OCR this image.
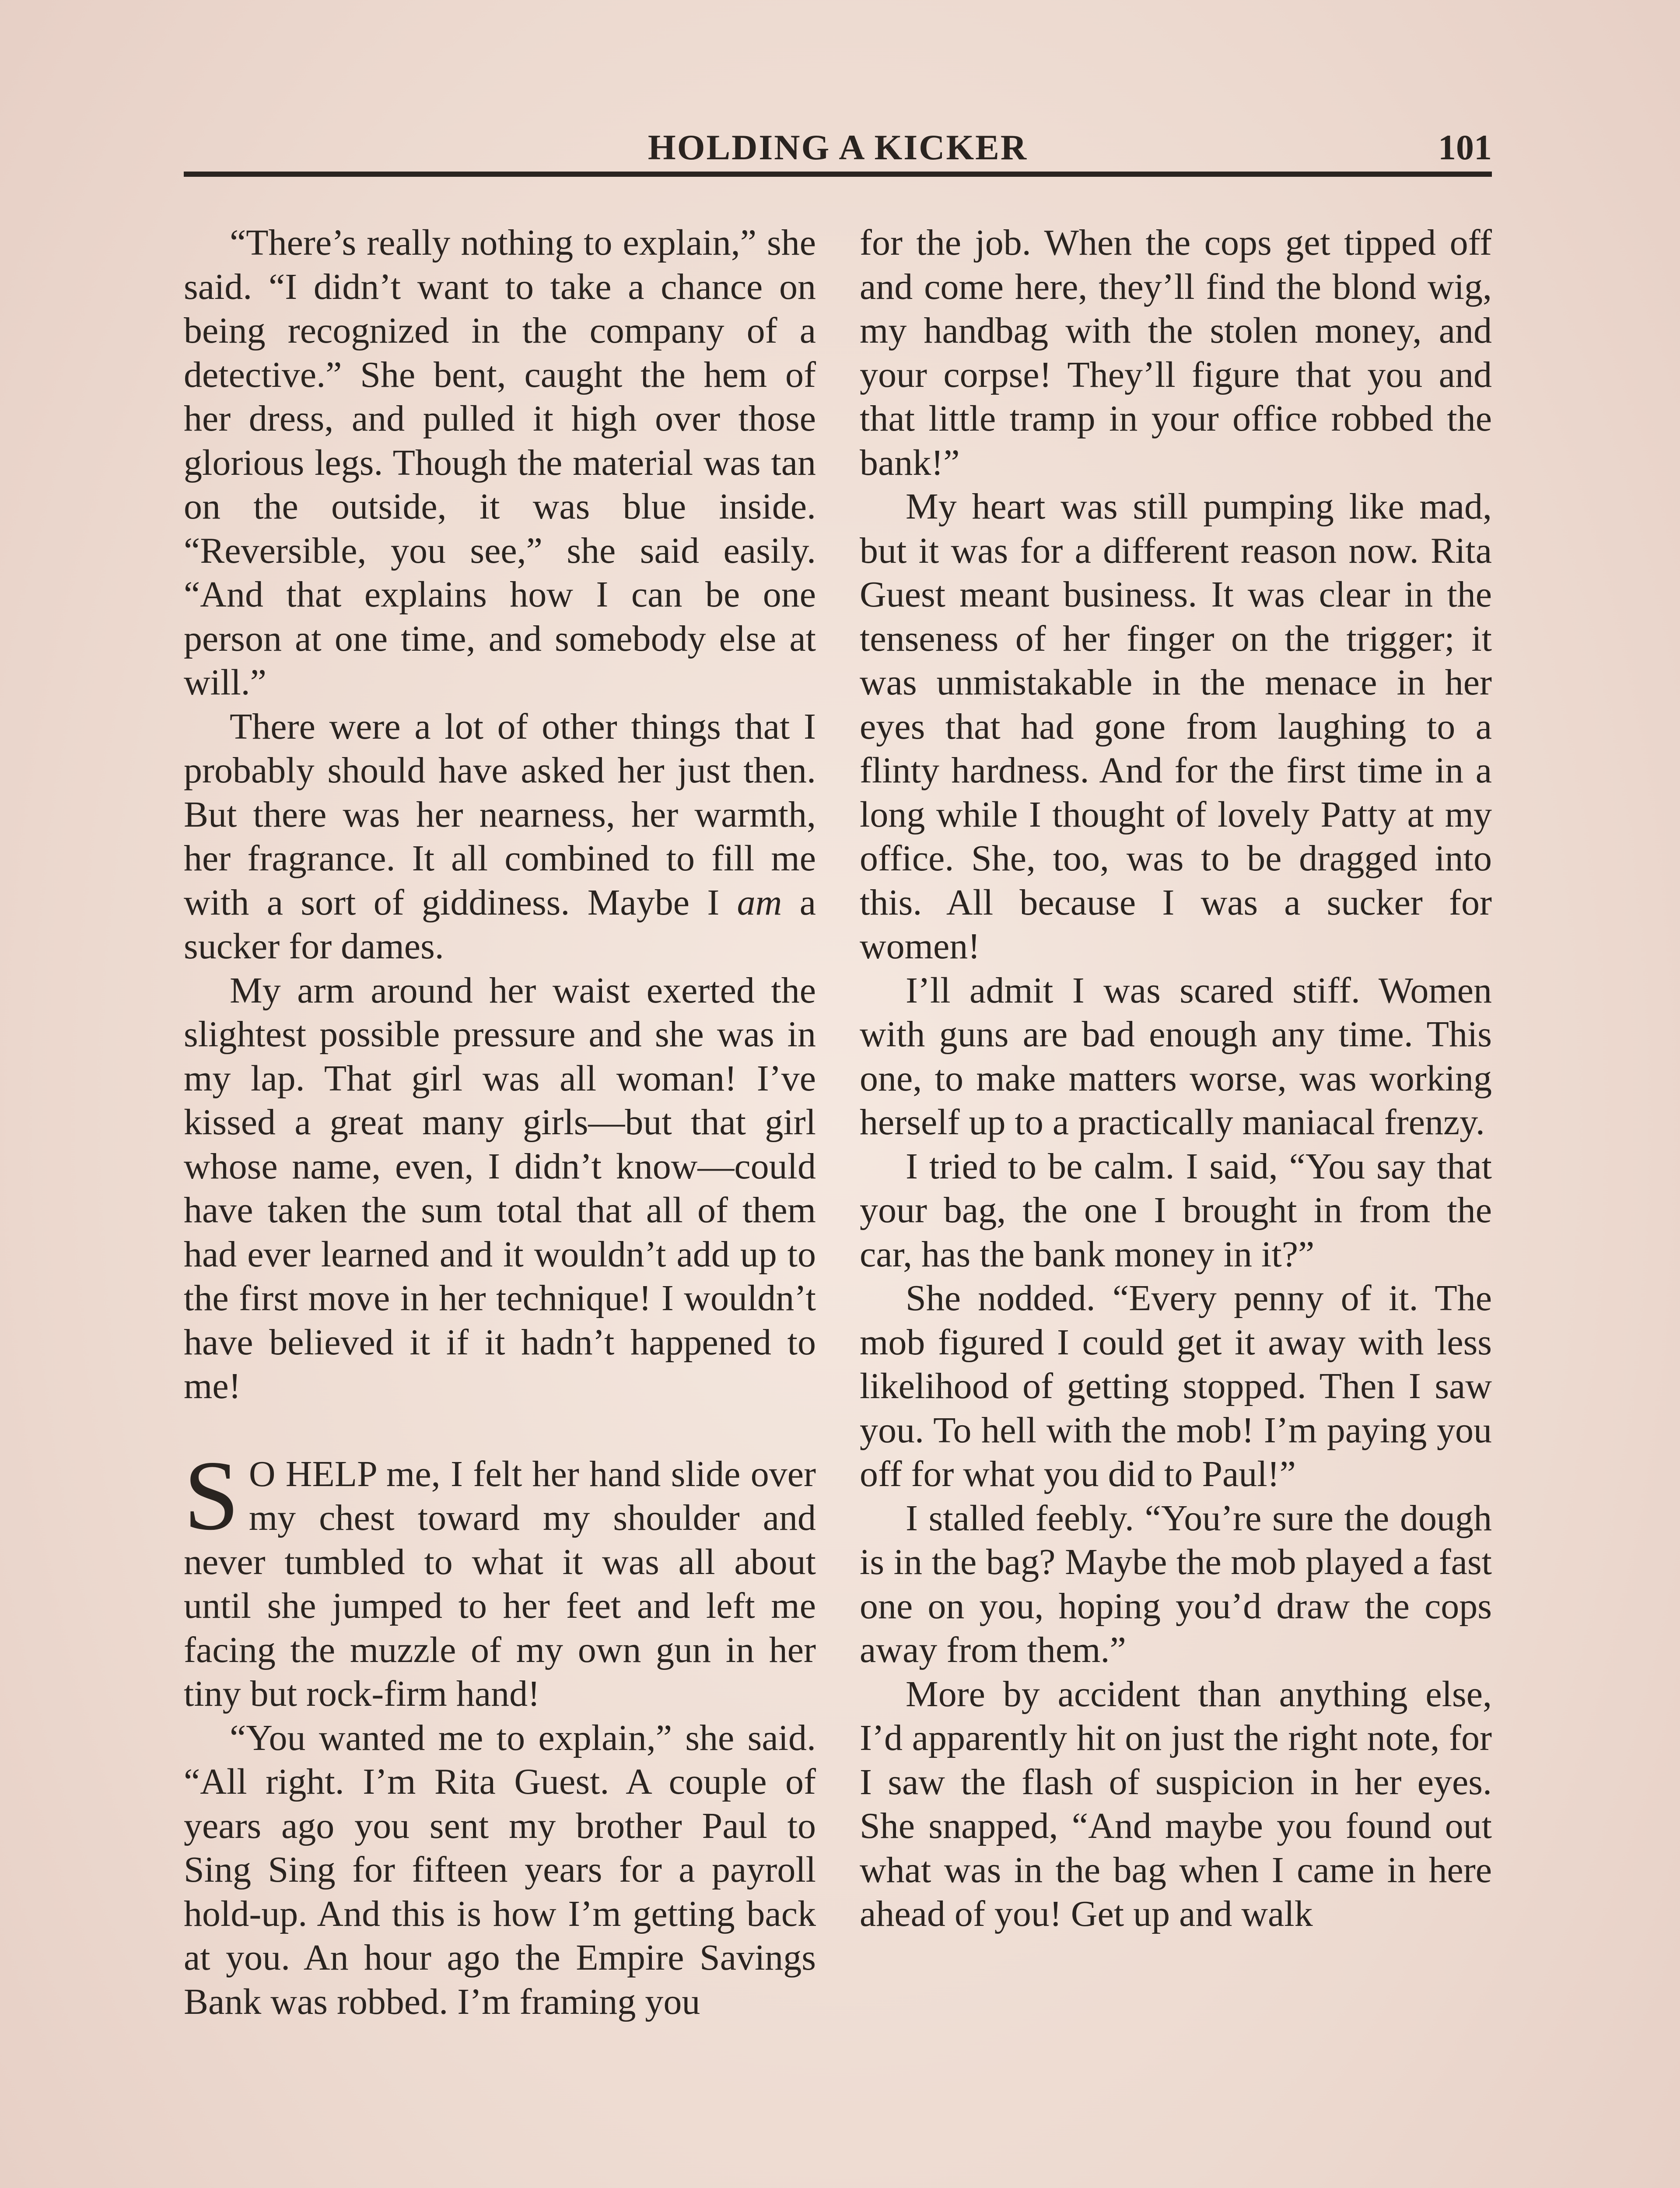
HOLDING A KICKER	101

“There’s really nothing to explain,” she said. “I didn’t want to take a chance on being recognized in the company of a detective.” She bent, caught the hem of her dress, and pulled it high over those glorious legs. Though the material was tan on the outside, it was blue inside. “Reversible, you see,” she said easily. “And that explains how I can be one person at one time, and somebody else at will.”

There were a lot of other things that I probably should have asked her just then. But there was her nearness, her warmth, her fragrance. It all combined to fill me with a sort of giddiness. Maybe I am a sucker for dames.

My arm around her waist exerted the slightest possible pressure and she was in my lap. That girl was all woman! I’ve kissed a great many girls—but that girl whose name, even, I didn’t know—could have taken the sum total that all of them had ever learned and it wouldn’t add up to the first move in her technique! I wouldn’t have believed it if it hadn’t happened to me!

S O HELP me, I felt her hand slide over my chest toward my shoulder and never tumbled to what it was all about until she jumped to her feet and left me facing the muzzle of my own gun in her tiny but rock-firm hand!

“You wanted me to explain,” she said. “All right. I’m Rita Guest. A couple of years ago you sent my brother Paul to Sing Sing for fifteen years for a payroll hold-up. And this is how I’m getting back at you. An hour ago the Empire Savings Bank was robbed. I’m framing you

for the job. When the cops get tipped off and come here, they’ll find the blond wig, my handbag with the stolen money, and your corpse! They’ll figure that you and that little tramp in your office robbed the bank!”

My heart was still pumping like mad, but it was for a different reason now. Rita Guest meant business. It was clear in the tenseness of her finger on the trigger; it was unmistakable in the menace in her eyes that had gone from laughing to a flinty hardness. And for the first time in a long while I thought of lovely Patty at my office. She, too, was to be dragged into this. All because I was a sucker for women!

I’ll admit I was scared stiff. Women with guns are bad enough any time. This one, to make matters worse, was working herself up to a practically maniacal frenzy.

I tried to be calm. I said, “You say that your bag, the one I brought in from the car, has the bank money in it?”

She nodded. “Every penny of it. The mob figured I could get it away with less likelihood of getting stopped. Then I saw you. To hell with the mob! I’m paying you off for what you did to Paul!”

I stalled feebly. “You’re sure the dough is in the bag? Maybe the mob played a fast one on you, hoping you’d draw the cops away from them.”

More by accident than anything else, I’d apparently hit on just the right note, for I saw the flash of suspicion in her eyes. She snapped, “And maybe you found out what was in the bag when I came in here ahead of you! Get up and walk
